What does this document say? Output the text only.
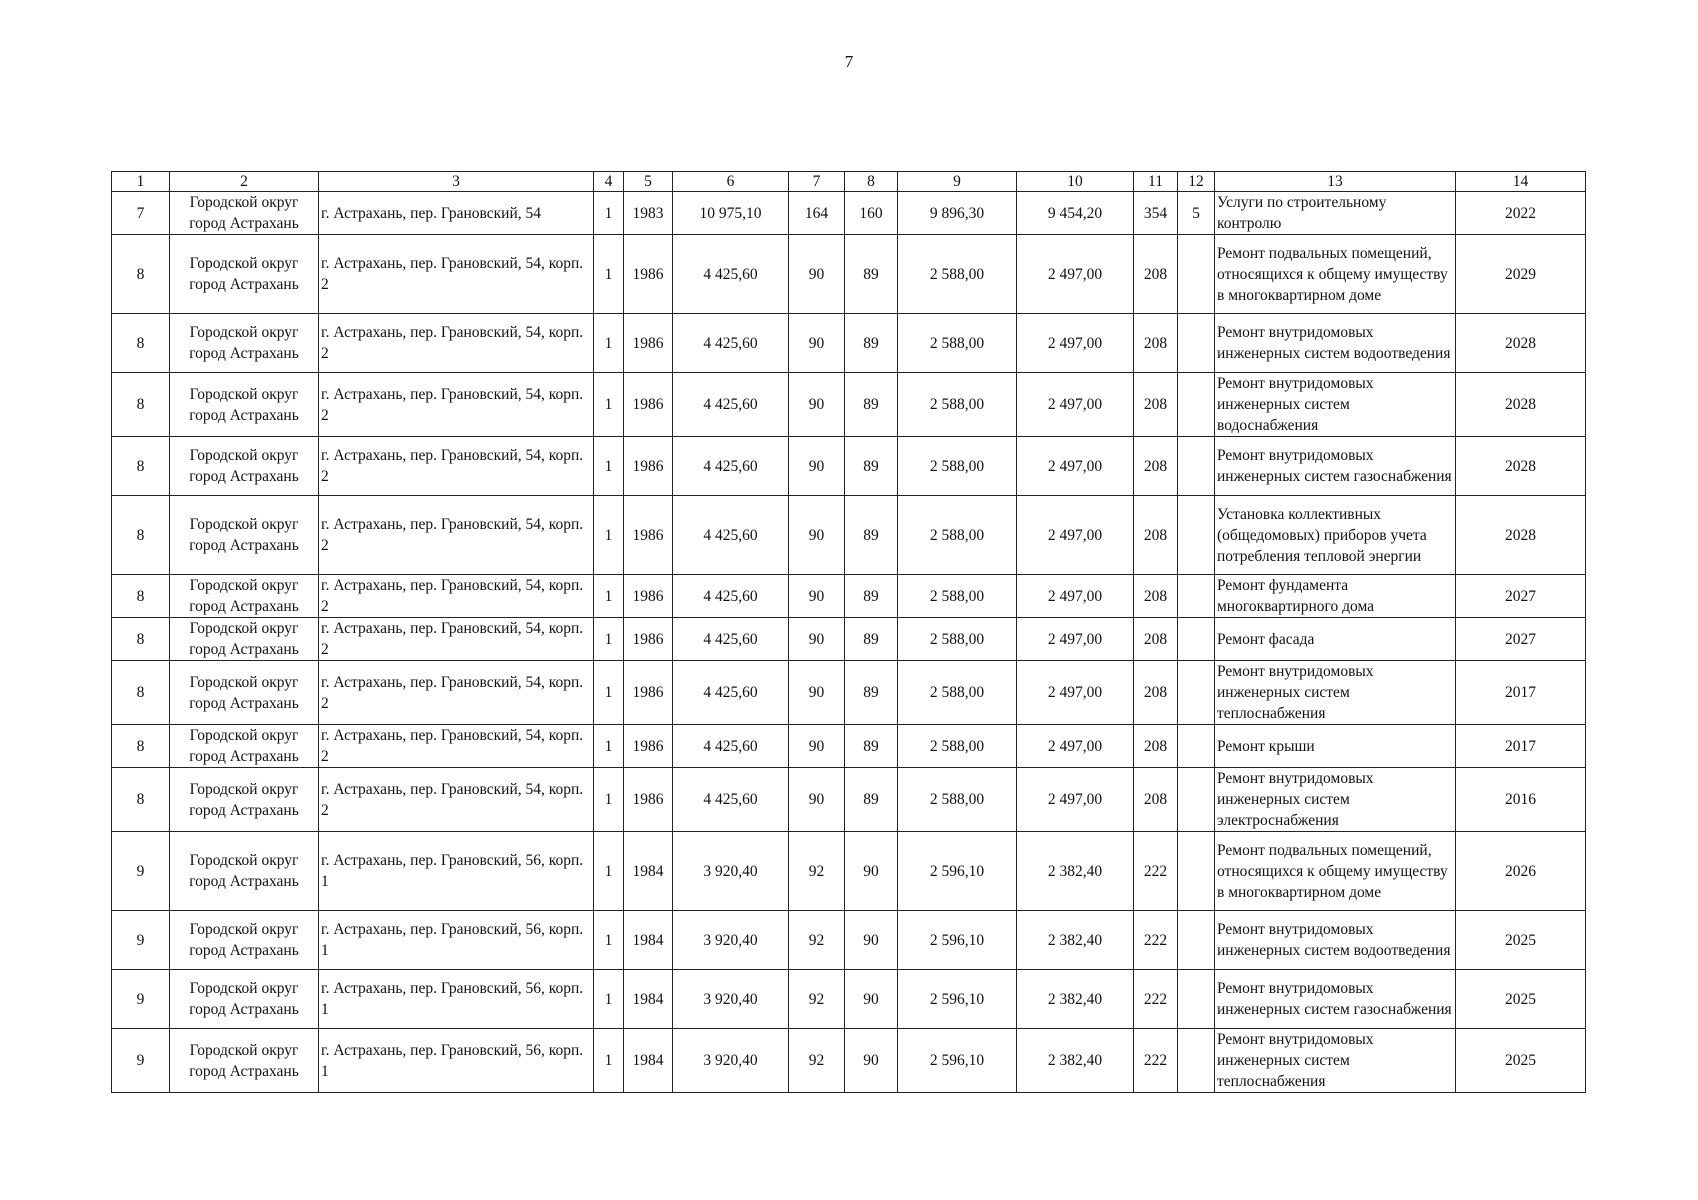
7
1	2	3	4	5	6	7	8	9	10	11	12	13	14
7	Городской округ город Астрахань	г. Астрахань, пер. Грановский, 54	1	1983	10 975,10	164	160	9 896,30	9 454,20	354	5	Услуги по строительному контролю	2022
8	Городской округ город Астрахань	г. Астрахань, пер. Грановский, 54, корп. 2	1	1986	4 425,60	90	89	2 588,00	2 497,00	208		Ремонт подвальных помещений, относящихся к общему имуществу в многоквартирном доме	2029
8	Городской округ город Астрахань	г. Астрахань, пер. Грановский, 54, корп. 2	1	1986	4 425,60	90	89	2 588,00	2 497,00	208		Ремонт внутридомовых инженерных систем водоотведения	2028
8	Городской округ город Астрахань	г. Астрахань, пер. Грановский, 54, корп. 2	1	1986	4 425,60	90	89	2 588,00	2 497,00	208		Ремонт внутридомовых инженерных систем водоснабжения	2028
8	Городской округ город Астрахань	г. Астрахань, пер. Грановский, 54, корп. 2	1	1986	4 425,60	90	89	2 588,00	2 497,00	208		Ремонт внутридомовых инженерных систем газоснабжения	2028
8	Городской округ город Астрахань	г. Астрахань, пер. Грановский, 54, корп. 2	1	1986	4 425,60	90	89	2 588,00	2 497,00	208		Установка коллективных (общедомовых) приборов учета потребления тепловой энергии	2028
8	Городской округ город Астрахань	г. Астрахань, пер. Грановский, 54, корп. 2	1	1986	4 425,60	90	89	2 588,00	2 497,00	208		Ремонт фундамента многоквартирного дома	2027
8	Городской округ город Астрахань	г. Астрахань, пер. Грановский, 54, корп. 2	1	1986	4 425,60	90	89	2 588,00	2 497,00	208		Ремонт фасада	2027
8	Городской округ город Астрахань	г. Астрахань, пер. Грановский, 54, корп. 2	1	1986	4 425,60	90	89	2 588,00	2 497,00	208		Ремонт внутридомовых инженерных систем теплоснабжения	2017
8	Городской округ город Астрахань	г. Астрахань, пер. Грановский, 54, корп. 2	1	1986	4 425,60	90	89	2 588,00	2 497,00	208		Ремонт крыши	2017
8	Городской округ город Астрахань	г. Астрахань, пер. Грановский, 54, корп. 2	1	1986	4 425,60	90	89	2 588,00	2 497,00	208		Ремонт внутридомовых инженерных систем электроснабжения	2016
9	Городской округ город Астрахань	г. Астрахань, пер. Грановский, 56, корп. 1	1	1984	3 920,40	92	90	2 596,10	2 382,40	222		Ремонт подвальных помещений, относящихся к общему имуществу в многоквартирном доме	2026
9	Городской округ город Астрахань	г. Астрахань, пер. Грановский, 56, корп. 1	1	1984	3 920,40	92	90	2 596,10	2 382,40	222		Ремонт внутридомовых инженерных систем водоотведения	2025
9	Городской округ город Астрахань	г. Астрахань, пер. Грановский, 56, корп. 1	1	1984	3 920,40	92	90	2 596,10	2 382,40	222		Ремонт внутридомовых инженерных систем газоснабжения	2025
9	Городской округ город Астрахань	г. Астрахань, пер. Грановский, 56, корп. 1	1	1984	3 920,40	92	90	2 596,10	2 382,40	222		Ремонт внутридомовых инженерных систем теплоснабжения	2025
